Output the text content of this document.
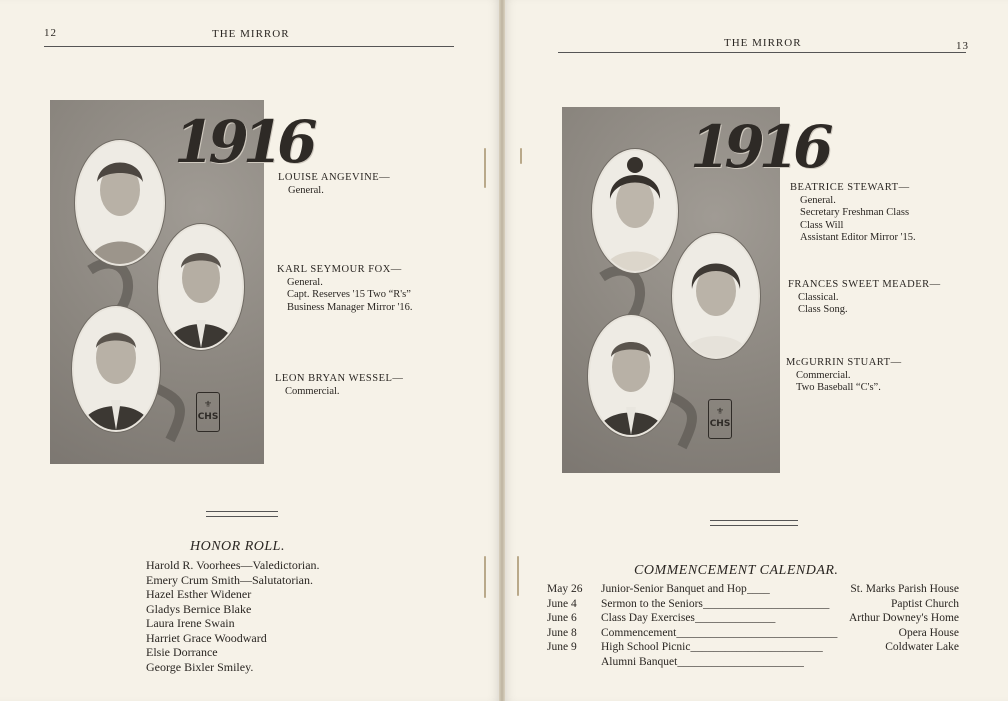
12	THE MIRROR
1916
⚜
CHS
LOUISE ANGEVINE—
General.
KARL SEYMOUR FOX—
General.
Capt. Reserves '15 Two “R's”
Business Manager Mirror '16.
LEON BRYAN WESSEL—
Commercial.
HONOR ROLL.
Harold R. Voorhees—Valedictorian.
Emery Crum Smith—Salutatorian.
Hazel Esther Widener
Gladys Bernice Blake
Laura Irene Swain
Harriet Grace Woodward
Elsie Dorrance
George Bixler Smiley.
THE MIRROR	13
1916
⚜
CHS
BEATRICE STEWART—
General.
Secretary Freshman Class
Class Will
Assistant Editor Mirror '15.
FRANCES SWEET MEADER—
Classical.
Class Song.
McGURRIN STUART—
Commercial.
Two Baseball “C's”.
COMMENCEMENT CALENDAR.
May 26	Junior-Senior Banquet and Hop ____	St. Marks Parish House
June 4	Sermon to the Seniors ______________________	Paptist Church
June 6	Class Day Exercises ______________	Arthur Downey's Home
June 8	Commencement ____________________________	Opera House
June 9	High School Picnic _______________________	Coldwater Lake
Alumni Banquet ______________________
